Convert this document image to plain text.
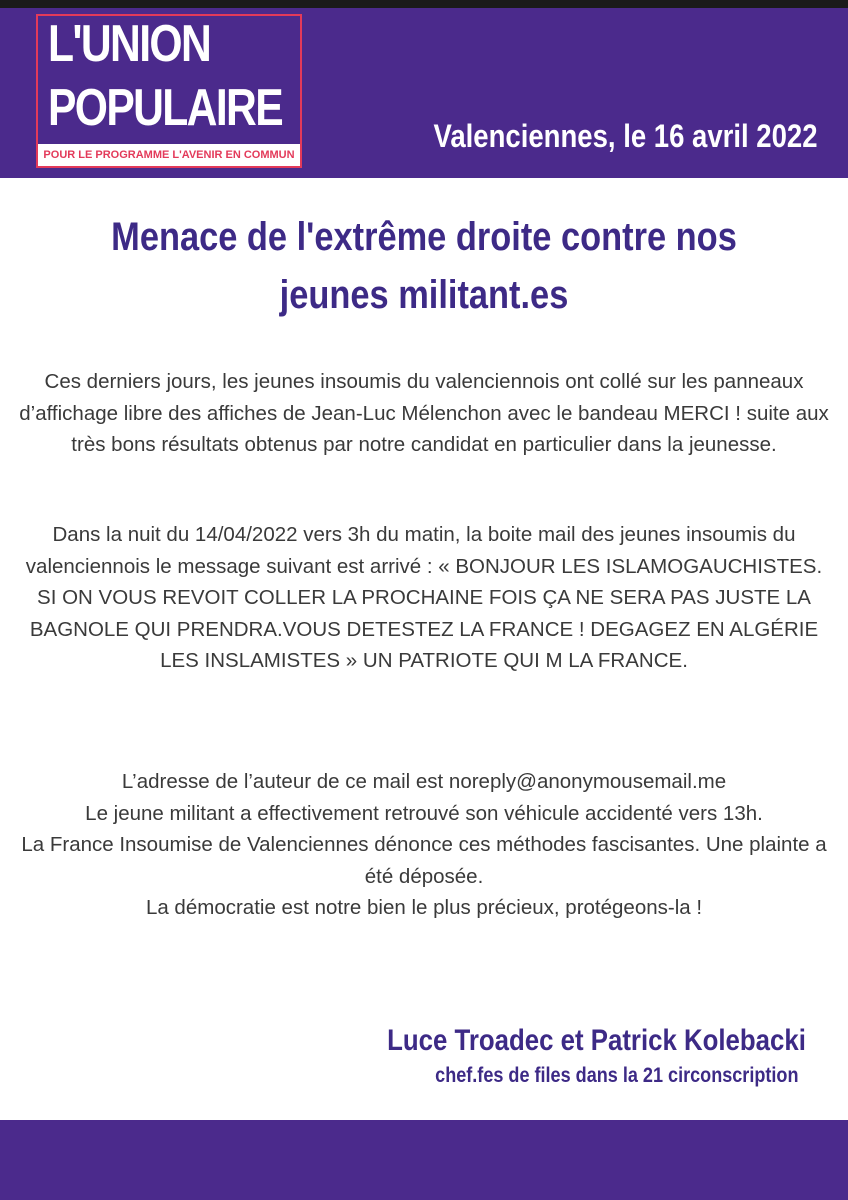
L'UNION
POPULAIRE
POUR LE PROGRAMME L'AVENIR EN COMMUN
Valenciennes, le 16 avril 2022
Menace de l'extrême droite contre nos jeunes militant.es
Ces derniers jours, les jeunes insoumis du valenciennois ont collé sur les panneaux d’affichage libre des affiches de Jean-Luc Mélenchon avec le bandeau MERCI ! suite aux très bons résultats obtenus par notre candidat en particulier dans la jeunesse.
Dans la nuit du 14/04/2022 vers 3h du matin, la boite mail des jeunes insoumis du valenciennois le message suivant est arrivé : « BONJOUR LES ISLAMOGAUCHISTES. SI ON VOUS REVOIT COLLER LA PROCHAINE FOIS ÇA NE SERA PAS JUSTE LA BAGNOLE QUI PRENDRA.VOUS DETESTEZ LA FRANCE ! DEGAGEZ EN ALGÉRIE LES INSLAMISTES » UN PATRIOTE QUI M LA FRANCE.
L’adresse de l’auteur de ce mail est noreply@anonymousemail.me
Le jeune militant a effectivement retrouvé son véhicule accidenté vers 13h.
La France Insoumise de Valenciennes dénonce ces méthodes fascisantes. Une plainte a été déposée.
La démocratie est notre bien le plus précieux, protégeons-la !
Luce Troadec et Patrick Kolebacki
chef.fes de files dans la 21 circonscription
